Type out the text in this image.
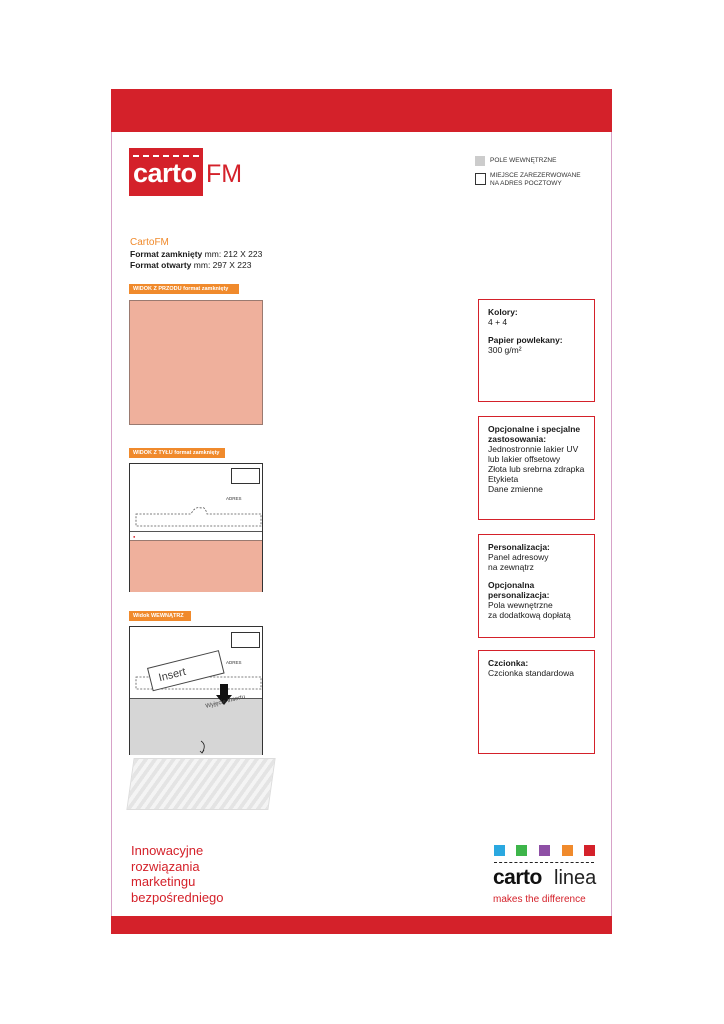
carto FM	POLE WEWNĘTRZNE
MIEJSCE ZAREZERWOWANE
NA ADRES POCZTOWY
CartoFM
Format zamknięty mm: 212 X 223
Format otwarty mm: 297 X 223
WIDOK Z PRZODU format zamknięty
WIDOK Z TYŁU format zamknięty
ADRES
●
Widok WEWNĄTRZ
ADRES
Insert
Wyjęcie insertu
Kolory:
4 + 4
Papier powlekany:
300 g/m²
Opcjonalne i specjalne
zastosowania:
Jednostronnie lakier UV
lub lakier offsetowy
Złota lub srebrna zdrapka
Etykieta
Dane zmienne
Personalizacja:
Panel adresowy
na zewnątrz
Opcjonalna
personalizacja:
Pola wewnętrzne
za dodatkową dopłatą
Czcionka:
Czcionka standardowa
Innowacyjne
rozwiązania
marketingu
bezpośredniego
carto linea
makes the difference
